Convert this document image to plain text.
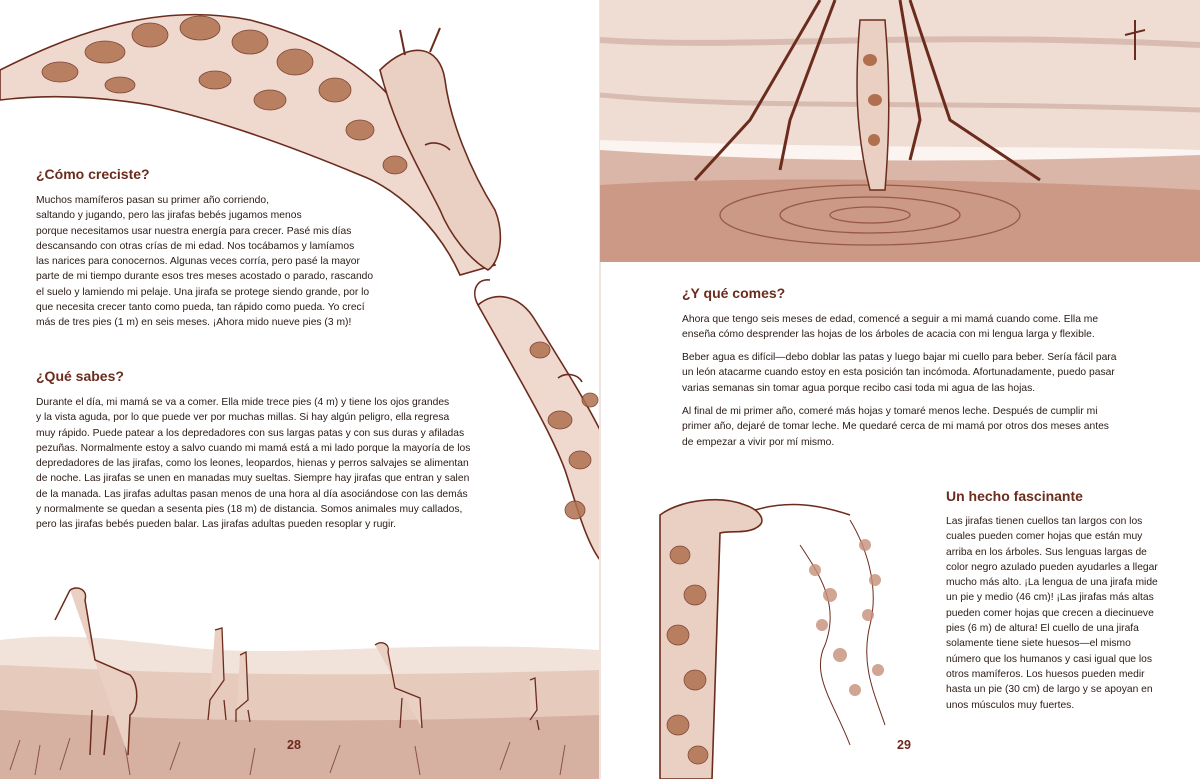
¿Cómo creciste?

Muchos mamíferos pasan su primer año corriendo,
saltando y jugando, pero las jirafas bebés jugamos menos
porque necesitamos usar nuestra energía para crecer. Pasé mis días
descansando con otras crías de mi edad. Nos tocábamos y lamíamos
las narices para conocernos. Algunas veces corría, pero pasé la mayor
parte de mi tiempo durante esos tres meses acostado o parado, rascando
el suelo y lamiendo mi pelaje. Una jirafa se protege siendo grande, por lo
que necesita crecer tanto como pueda, tan rápido como pueda. Yo crecí
más de tres pies (1 m) en seis meses. ¡Ahora mido nueve pies (3 m)!

¿Qué sabes?

Durante el día, mi mamá se va a comer. Ella mide trece pies (4 m) y tiene los ojos grandes
y la vista aguda, por lo que puede ver por muchas millas. Si hay algún peligro, ella regresa
muy rápido. Puede patear a los depredadores con sus largas patas y con sus duras y afiladas
pezuñas. Normalmente estoy a salvo cuando mi mamá está a mi lado porque la mayoría de los
depredadores de las jirafas, como los leones, leopardos, hienas y perros salvajes se alimentan
de noche. Las jirafas se unen en manadas muy sueltas. Siempre hay jirafas que entran y salen
de la manada. Las jirafas adultas pasan menos de una hora al día asociándose con las demás
y normalmente se quedan a sesenta pies (18 m) de distancia. Somos animales muy callados,
pero las jirafas bebés pueden balar. Las jirafas adultas pueden resoplar y rugir.

28
¿Y qué comes?

Ahora que tengo seis meses de edad, comencé a seguir a mi mamá cuando come. Ella me
enseña cómo desprender las hojas de los árboles de acacia con mi lengua larga y flexible.

Beber agua es difícil—debo doblar las patas y luego bajar mi cuello para beber. Sería fácil para
un león atacarme cuando estoy en esta posición tan incómoda. Afortunadamente, puedo pasar
varias semanas sin tomar agua porque recibo casi toda mi agua de las hojas.

Al final de mi primer año, comeré más hojas y tomaré menos leche. Después de cumplir mi
primer año, dejaré de tomar leche. Me quedaré cerca de mi mamá por otros dos meses antes
de empezar a vivir por mí mismo.

Un hecho fascinante

Las jirafas tienen cuellos tan largos con los
cuales pueden comer hojas que están muy
arriba en los árboles. Sus lenguas largas de
color negro azulado pueden ayudarles a llegar
mucho más alto. ¡La lengua de una jirafa mide
un pie y medio (46 cm)! ¡Las jirafas más altas
pueden comer hojas que crecen a diecinueve
pies (6 m) de altura! El cuello de una jirafa
solamente tiene siete huesos—el mismo
número que los humanos y casi igual que los
otros mamíferos. Los huesos pueden medir
hasta un pie (30 cm) de largo y se apoyan en
unos músculos muy fuertes.

29
